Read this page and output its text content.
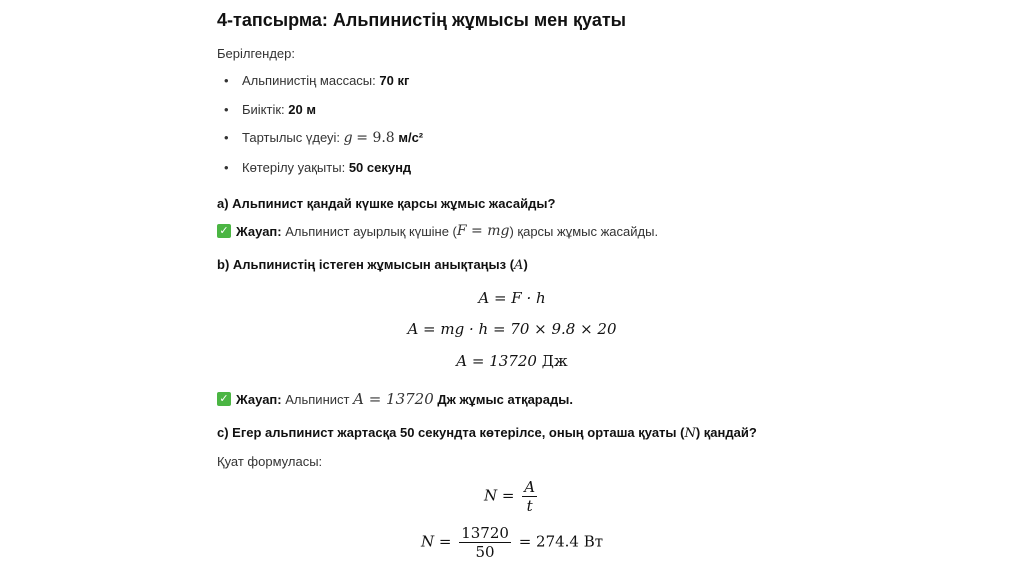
4-тапсырма: Альпинистің жұмысы мен қуаты
Берілгендер:
• Альпинистің массасы: 70 кг
• Биіктік: 20 м
• Тартылыс үдеуі: g = 9.8 м/с²
• Көтерілу уақыты: 50 секунд
а) Альпинист қандай күшке қарсы жұмыс жасайды?
✓ Жауап:
Альпинист ауырлық күшіне ( F = mg ) қарсы жұмыс жасайды.
b) Альпинистің істеген жұмысын анықтаңыз (A)
A = F · h
A = mg · h = 70 × 9.8 × 20
A = 13720 Дж
✓ Жауап:
Альпинист
A = 13720
Дж жұмыс атқарады.
c) Егер альпинист жартасқа 50 секундта көтерілсе, оның орташа қуаты (N) қандай?
Қуат формуласы:
$N = \frac{A}{t}$
$N = \frac{13720}{50} = 274.4$ Вт
